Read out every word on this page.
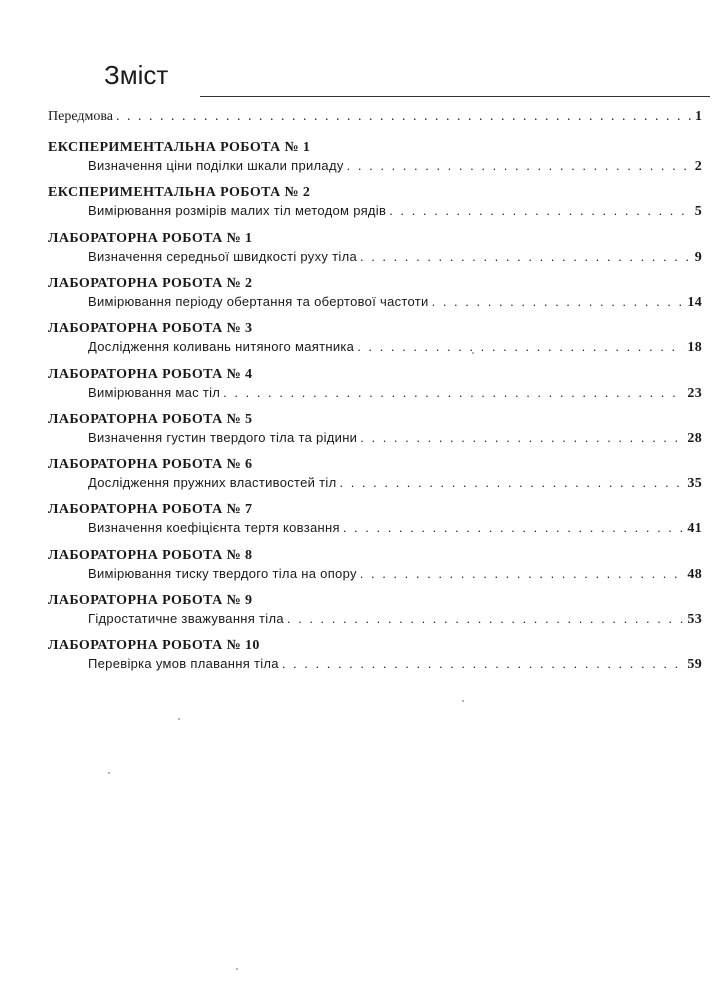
Зміст
Передмова . . .	1
ЕКСПЕРИМЕНТАЛЬНА РОБОТА № 1
Визначення ціни поділки шкали приладу . . .	2
ЕКСПЕРИМЕНТАЛЬНА РОБОТА № 2
Вимірювання розмірів малих тіл методом рядів . . .	5
ЛАБОРАТОРНА РОБОТА № 1
Визначення середньої швидкості руху тіла . . .	9
ЛАБОРАТОРНА РОБОТА № 2
Вимірювання періоду обертання та обертової частоти . . .	14
ЛАБОРАТОРНА РОБОТА № 3
Дослідження коливань нитяного маятника . . .	18
ЛАБОРАТОРНА РОБОТА № 4
Вимірювання мас тіл . . .	23
ЛАБОРАТОРНА РОБОТА № 5
Визначення густин твердого тіла та рідини . . .	28
ЛАБОРАТОРНА РОБОТА № 6
Дослідження пружних властивостей тіл . . .	35
ЛАБОРАТОРНА РОБОТА № 7
Визначення коефіцієнта тертя ковзання . . .	41
ЛАБОРАТОРНА РОБОТА № 8
Вимірювання тиску твердого тіла на опору . . .	48
ЛАБОРАТОРНА РОБОТА № 9
Гідростатичне зважування тіла . . .	53
ЛАБОРАТОРНА РОБОТА № 10
Перевірка умов плавання тіла . . .	59
